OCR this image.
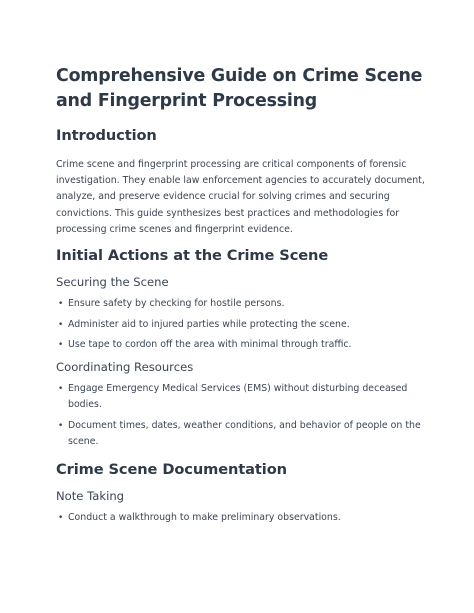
Comprehensive Guide on Crime Scene and Fingerprint Processing
Introduction

Crime scene and fingerprint processing are critical components of forensic investigation. They enable law enforcement agencies to accurately document, analyze, and preserve evidence crucial for solving crimes and securing convictions. This guide synthesizes best practices and methodologies for processing crime scenes and fingerprint evidence.

Initial Actions at the Crime Scene
Securing the Scene
• Ensure safety by checking for hostile persons.
• Administer aid to injured parties while protecting the scene.
• Use tape to cordon off the area with minimal through traffic.
Coordinating Resources
• Engage Emergency Medical Services (EMS) without disturbing deceased bodies.
• Document times, dates, weather conditions, and behavior of people on the scene.
Crime Scene Documentation
Note Taking
• Conduct a walkthrough to make preliminary observations.
